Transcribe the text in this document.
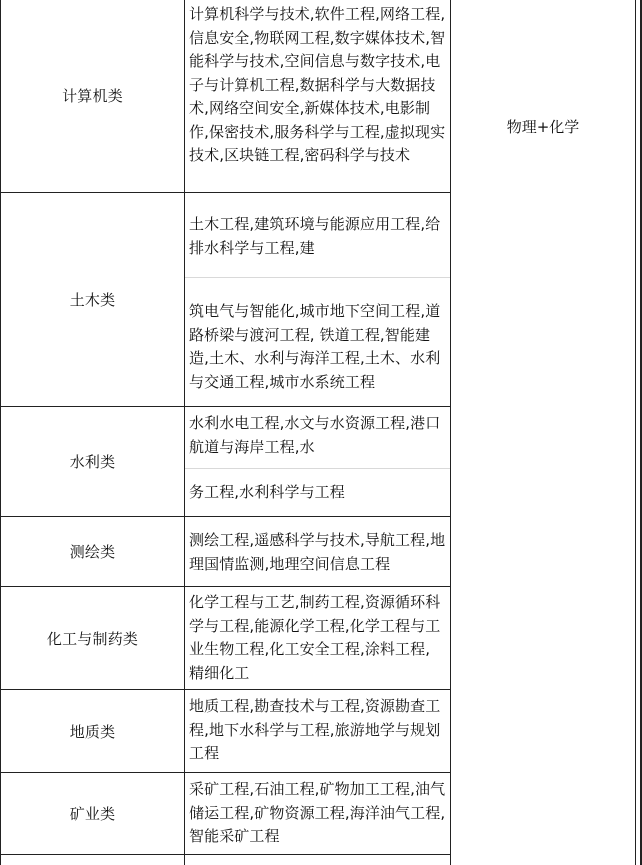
计算机类
计算机科学与技术,软件工程,网络工程,信息安全,物联网工程,数字媒体技术,智能科学与技术,空间信息与数字技术,电子与计算机工程,数据科学与大数据技术,网络空间安全,新媒体技术,电影制作,保密技术,服务科学与工程,虚拟现实技术,区块链工程,密码科学与技术
土木类
土木工程,建筑环境与能源应用工程,给排水科学与工程,建
筑电气与智能化,城市地下空间工程,道路桥梁与渡河工程, 铁道工程,智能建造,土木、水利与海洋工程,土木、水利与交通工程,城市水系统工程
水利类
水利水电工程,水文与水资源工程,港口航道与海岸工程,水
务工程,水利科学与工程
测绘类
测绘工程,遥感科学与技术,导航工程,地理国情监测,地理空间信息工程
化工与制药类
化学工程与工艺,制药工程,资源循环科学与工程,能源化学工程,化学工程与工业生物工程,化工安全工程,涂料工程, 精细化工
地质类
地质工程,勘查技术与工程,资源勘查工程,地下水科学与工程,旅游地学与规划工程
矿业类
采矿工程,石油工程,矿物加工工程,油气储运工程,矿物资源工程,海洋油气工程,智能采矿工程
物理+化学
